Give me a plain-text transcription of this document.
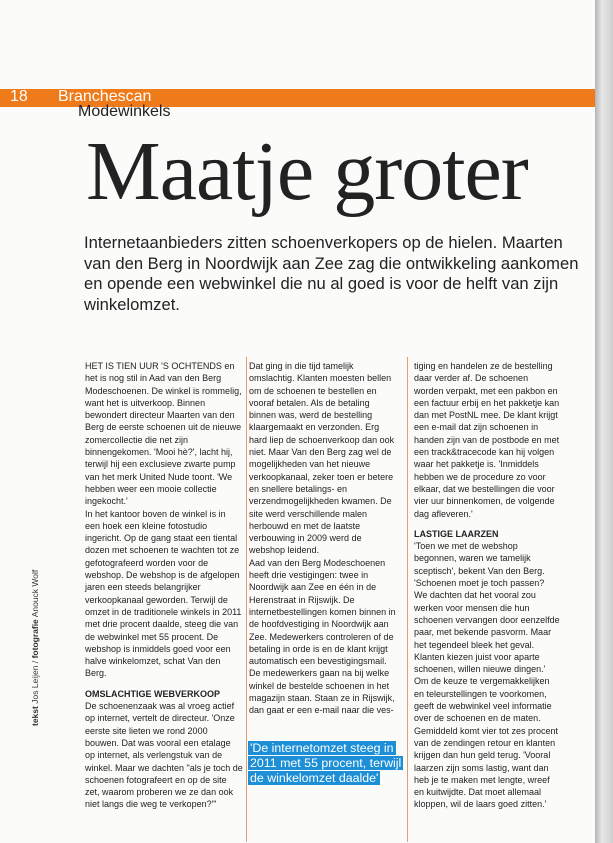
18 Branchescan
Modewinkels
Maatje groter
Internetaanbieders zitten schoenverkopers op de hielen. Maarten van den Berg in Noordwijk aan Zee zag die ontwikkeling aankomen en opende een webwinkel die nu al goed is voor de helft van zijn winkelomzet.

HET IS TIEN UUR 'S OCHTENDS en het is nog stil in Aad van den Berg Modeschoenen. De winkel is rommelig, want het is uitverkoop. Binnen bewondert directeur Maarten van den Berg de eerste schoenen uit de nieuwe zomercollectie die net zijn binnengekomen. 'Mooi hè?', lacht hij, terwijl hij een exclusieve zwarte pump van het merk United Nude toont. 'We hebben weer een mooie collectie ingekocht.'

In het kantoor boven de winkel is in een hoek een kleine fotostudio ingericht. Op de gang staat een tiental dozen met schoenen te wachten tot ze gefotografeerd worden voor de webshop. De webshop is de afgelopen jaren een steeds belangrijker verkoopkanaal geworden. Terwijl de omzet in de traditionele winkels in 2011 met drie procent daalde, steeg die van de webwinkel met 55 procent. De webshop is inmiddels goed voor een halve winkelomzet, schat Van den Berg.

OMSLACHTIGE WEBVERKOOP

De schoenenzaak was al vroeg actief op internet, vertelt de directeur. 'Onze eerste site lieten we rond 2000 bouwen. Dat was vooral een etalage op internet, als verlengstuk van de winkel. Maar we dachten "als je toch de schoenen fotografeert en op de site zet, waarom proberen we ze dan ook niet langs die weg te verkopen?"'

Dat ging in die tijd tamelijk omslachtig. Klanten moesten bellen om de schoenen te bestellen en vooraf betalen. Als de betaling binnen was, werd de bestelling klaargemaakt en verzonden. Erg hard liep de schoenverkoop dan ook niet. Maar Van den Berg zag wel de mogelijkheden van het nieuwe verkoopkanaal, zeker toen er betere en snellere betalings- en verzendmogelijkheden kwamen. De site werd verschillende malen herbouwd en met de laatste verbouwing in 2009 werd de webshop leidend.

Aad van den Berg Modeschoenen heeft drie vestigingen: twee in Noordwijk aan Zee en één in de Herenstraat in Rijswijk. De internetbestellingen komen binnen in de hoofdvestiging in Noordwijk aan Zee. Medewerkers controleren of de betaling in orde is en de klant krijgt automatisch een bevestigingsmail. De medewerkers gaan na bij welke winkel de bestelde schoenen in het magazijn staan. Staan ze in Rijswijk, dan gaat er een e-mail naar die ves-

'De internetomzet steeg in 2011 met 55 procent, terwijl de winkelomzet daalde'

tiging en handelen ze de bestelling daar verder af. De schoenen worden verpakt, met een pakbon en een factuur erbij en het pakketje kan dan met PostNL mee. De klant krijgt een e-mail dat zijn schoenen in handen zijn van de postbode en met een track&tracecode kan hij volgen waar het pakketje is. 'Inmiddels hebben we de procedure zo voor elkaar, dat we bestellingen die voor vier uur binnenkomen, de volgende dag afleveren.'

LASTIGE LAARZEN

'Toen we met de webshop begonnen, waren we tamelijk sceptisch', bekent Van den Berg. 'Schoenen moet je toch passen? We dachten dat het vooral zou werken voor mensen die hun schoenen vervangen door eenzelfde paar, met bekende pasvorm. Maar het tegendeel bleek het geval. Klanten kiezen juist voor aparte schoenen, willen nieuwe dingen.'

Om de keuze te vergemakkelijken en teleurstellingen te voorkomen, geeft de webwinkel veel informatie over de schoenen en de maten. Gemiddeld komt vier tot zes procent van de zendingen retour en klanten krijgen dan hun geld terug. 'Vooral laarzen zijn soms lastig, want dan heb je te maken met lengte, wreef en kuitwijdte. Dat moet allemaal kloppen, wil de laars goed zitten.'

tekst Jos Leijen / fotografie Anouck Wolf
